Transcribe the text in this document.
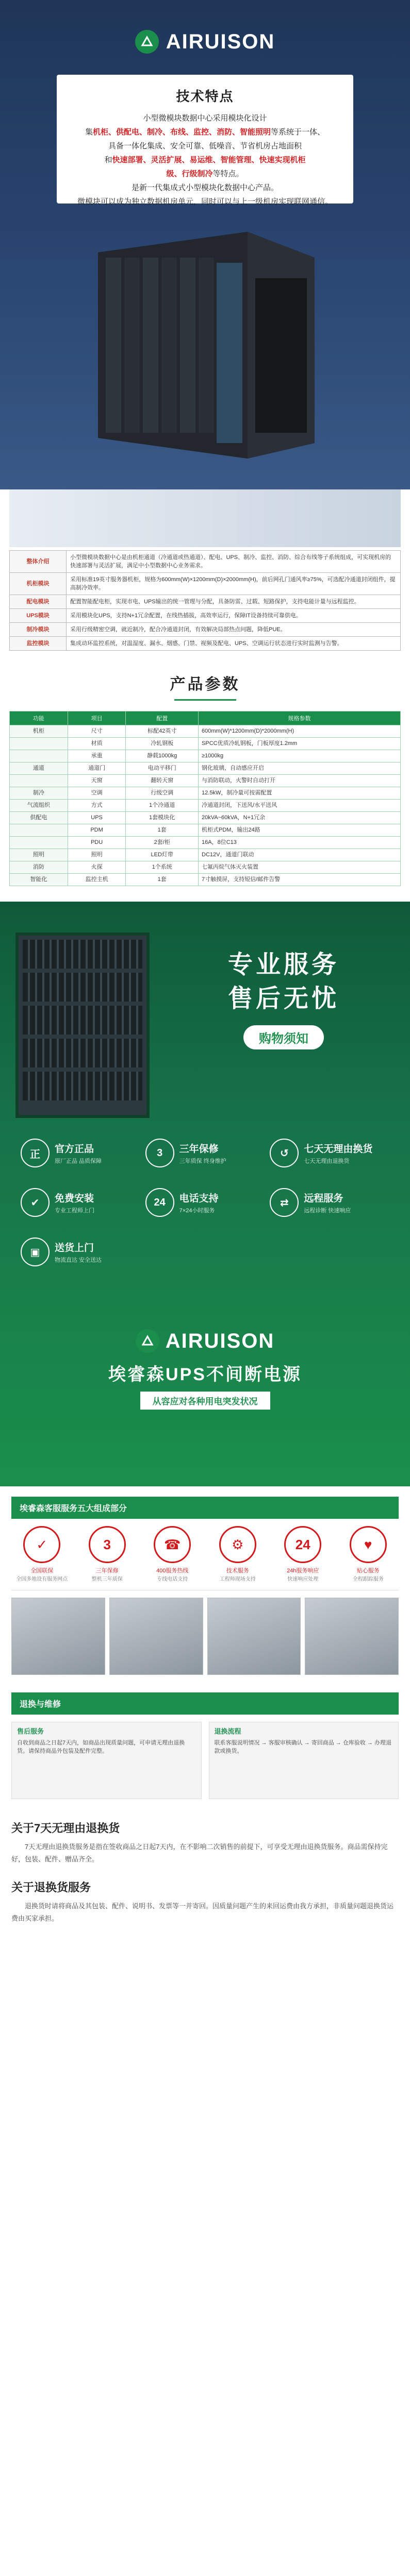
AIRUISON
技术特点
小型微模块数据中心采用模块化设计
集机柜、供配电、制冷、布线、监控、消防、智能照明等系统于一体、
具备一体化集成、安全可靠、低噪音、节省机房占地面积
和快速部署、灵活扩展、易运维、智能管理、快速实现机柜
级、行级制冷等特点。
是新一代集成式小型模块化数据中心产品。
微模块可以成为独立数据机房单元，同时可以与上一级机房实现联网通信。
整体介绍	小型微模块数据中心是由机柜通道（冷通道或热通道）、配电、UPS、制冷、监控、消防、综合布线等子系统组成，可实现机房的快速部署与灵活扩展，满足中小型数据中心业务需求。
机柜模块	采用标准19英寸服务器机柜，规格为600mm(W)×1200mm(D)×2000mm(H)，前后网孔门通风率≥75%，可选配冷通道封闭组件，提高制冷效率。
配电模块	配置智能配电柜，实现市电、UPS输出的统一管理与分配，具备防雷、过载、短路保护，支持电能计量与远程监控。
UPS模块	采用模块化UPS，支持N+1冗余配置，在线热插拔，高效率运行，保障IT设备持续可靠供电。
制冷模块	采用行级精密空调，就近制冷，配合冷通道封闭，有效解决局部热点问题，降低PUE。
监控模块	集成动环监控系统，对温湿度、漏水、烟感、门禁、视频及配电、UPS、空调运行状态进行实时监测与告警。
产品参数
功能	项目	配置	规格参数
机柜	尺寸	标配42英寸	600mm(W)*1200mm(D)*2000mm(H)
	材质	冷轧钢板	SPCC优质冷轧钢板，门板厚度1.2mm
	承重	静载1000kg	≥1000kg
通道	通道门	电动平移门	钢化玻璃，自动感应开启
	天窗	翻转天窗	与消防联动，火警时自动打开
制冷	空调	行级空调	12.5kW，制冷量可按需配置
气流组织	方式	1个冷通道	冷通道封闭，下送风/水平送风
供配电	UPS	1套模块化	20kVA~60kVA，N+1冗余
	PDM	1套	机柜式PDM，输出24路
	PDU	2套/柜	16A，8位C13
照明	照明	LED灯带	DC12V，通道门联动
消防	火探	1个系统	七氟丙烷气体灭火装置
智能化	监控主机	1套	7寸触摸屏，支持短信/邮件告警
专业服务
售后无忧
购物须知
正	官方正品
原厂正品 品质保障
3	三年保修
三年质保 终身维护
↺	七天无理由换货
七天无理由退换货
✔	免费安装
专业工程师上门
24	电话支持
7×24小时服务
⇄	远程服务
远程诊断 快速响应
▣	送货上门
物流直达 安全送达
AIRUISON
埃睿森UPS不间断电源
从容应对各种用电突发状况
埃睿森客服服务五大组成部分
✓
全国联保
全国多地设有服务网点
3
三年保修
整机三年质保
☎
400服务热线
专线电话支持
⚙
技术服务
工程师现场支持
24
24h服务响应
快速响应处理
♥
贴心服务
全程跟踪服务
退换与维修
售后服务
自收到商品之日起7天内，如商品出现质量问题，可申请无理由退换货。请保持商品外包装及配件完整。
退换流程
联系客服说明情况 → 客服审核确认 → 寄回商品 → 仓库验收 → 办理退款或换货。
关于7天无理由退换货
7天无理由退换货服务是指在签收商品之日起7天内，在不影响二次销售的前提下，可享受无理由退换货服务。商品需保持完好，包装、配件、赠品齐全。
关于退换货服务
退换货时请将商品及其包装、配件、说明书、发票等一并寄回。因质量问题产生的来回运费由我方承担，非质量问题退换货运费由买家承担。
